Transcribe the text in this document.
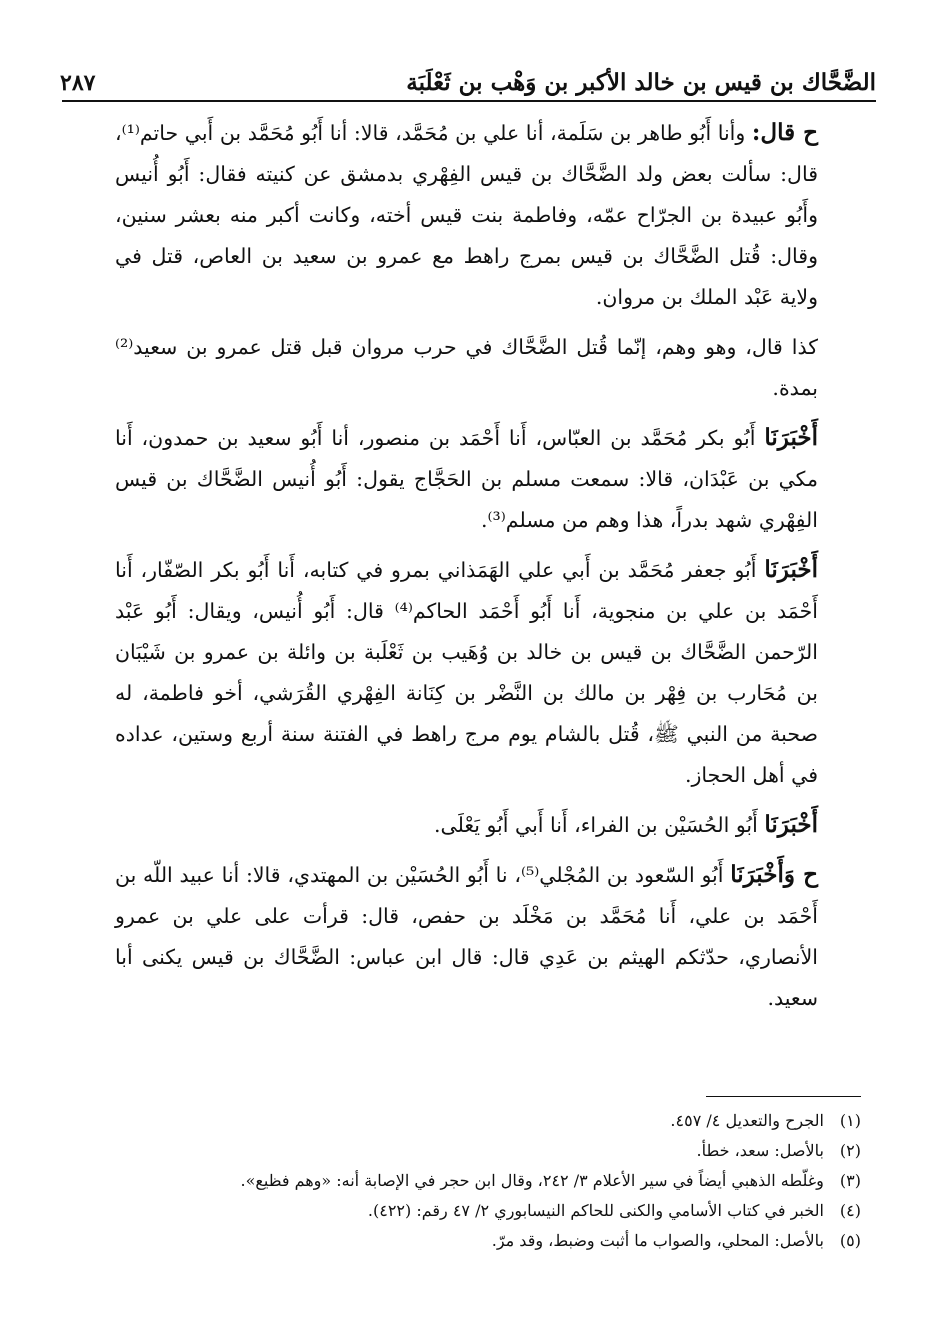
الضَّحَّاك بن قيس بن خالد الأكبر بن وَهْب بن ثَعْلَبَة
٢٨٧

ح قال: وأنا أَبُو طاهر بن سَلَمة، أنا علي بن مُحَمَّد، قالا: أنا أَبُو مُحَمَّد بن أَبي حاتم⁽¹⁾، قال: سألت بعض ولد الضَّحَّاك بن قيس الفِهْري بدمشق عن كنيته فقال: أَبُو أُنيس وأَبُو عبيدة بن الجرّاح عمّه، وفاطمة بنت قيس أخته، وكانت أكبر منه بعشر سنين، وقال: قُتل الضَّحَّاك بن قيس بمرج راهط مع عمرو بن سعيد بن العاص، قتل في ولاية عَبْد الملك بن مروان.

كذا قال، وهو وهم، إنّما قُتل الضَّحَّاك في حرب مروان قبل قتل عمرو بن سعيد⁽²⁾ بمدة.

أَخْبَرَنَا أَبُو بكر مُحَمَّد بن العبّاس، أَنا أَحْمَد بن منصور، أنا أَبُو سعيد بن حمدون، أَنا مكي بن عَبْدَان، قالا: سمعت مسلم بن الحَجَّاج يقول: أَبُو أُنيس الضَّحَّاك بن قيس الفِهْري شهد بدراً، هذا وهم من مسلم⁽³⁾.

أَخْبَرَنَا أَبُو جعفر مُحَمَّد بن أَبي علي الهَمَذاني بمرو في كتابه، أَنا أَبُو بكر الصّفّار، أَنا أَحْمَد بن علي بن منجوية، أَنا أَبُو أَحْمَد الحاكم⁽⁴⁾ قال: أَبُو أُنيس، ويقال: أَبُو عَبْد الرّحمن الضَّحَّاك بن قيس بن خالد بن وُهَيب بن ثَعْلَبة بن وائلة بن عمرو بن شَيْبَان بن مُحَارب بن فِهْر بن مالك بن النَّضْر بن كِنَانة الفِهْري القُرَشي، أخو فاطمة، له صحبة من النبي ﷺ، قُتل بالشام يوم مرج راهط في الفتنة سنة أربع وستين، عداده في أهل الحجاز.

أَخْبَرَنَا أَبُو الحُسَيْن بن الفراء، أَنا أَبي أَبُو يَعْلَى.

ح وَأَخْبَرَنَا أَبُو السّعود بن المُجْلي⁽⁵⁾، نا أَبُو الحُسَيْن بن المهتدي، قالا: أنا عبيد اللّه بن أَحْمَد بن علي، أَنا مُحَمَّد بن مَخْلَد بن حفص، قال: قرأت على علي بن عمرو الأنصاري، حدّثكم الهيثم بن عَدِي قال: قال ابن عباس: الضَّحَّاك بن قيس يكنى أبا سعيد.

(١) الجرح والتعديل ٤/ ٤٥٧.

(٢) بالأصل: سعد، خطأ.

(٣) وغلّطه الذهبي أيضاً في سير الأعلام ٣/ ٢٤٢، وقال ابن حجر في الإصابة أنه: «وهم فظيع».

(٤) الخبر في كتاب الأسامي والكنى للحاكم النيسابوري ٢/ ٤٧ رقم: (٤٢٢).

(٥) بالأصل: المحلي، والصواب ما أثبت وضبط، وقد مرّ.
